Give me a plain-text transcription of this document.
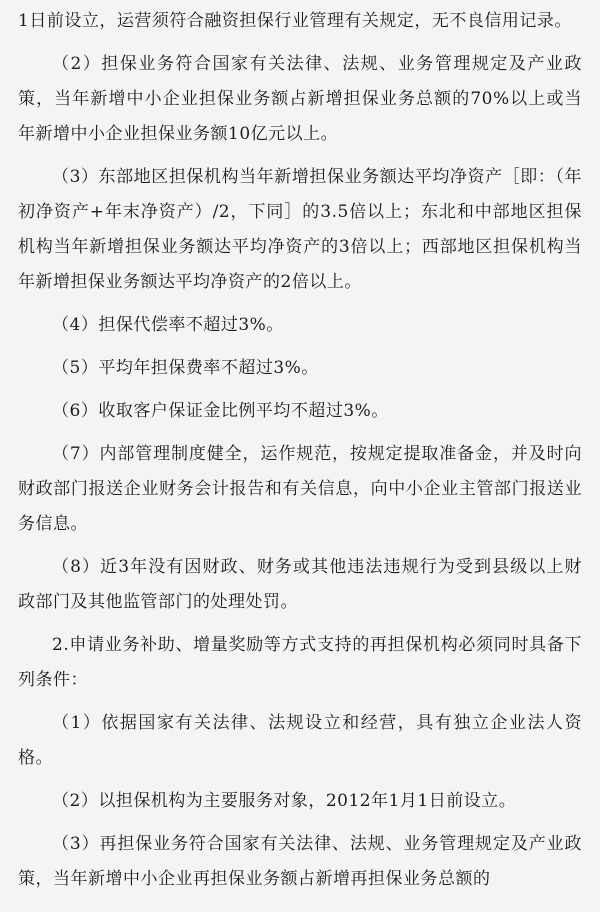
1日前设立，运营须符合融资担保行业管理有关规定，无不良信用记录。

（2）担保业务符合国家有关法律、法规、业务管理规定及产业政策，当年新增中小企业担保业务额占新增担保业务总额的70%以上或当年新增中小企业担保业务额10亿元以上。

（3）东部地区担保机构当年新增担保业务额达平均净资产［即：（年初净资产+年末净资产）/2，下同］的3.5倍以上；东北和中部地区担保机构当年新增担保业务额达平均净资产的3倍以上；西部地区担保机构当年新增担保业务额达平均净资产的2倍以上。

（4）担保代偿率不超过3%。

（5）平均年担保费率不超过3%。

（6）收取客户保证金比例平均不超过3%。

（7）内部管理制度健全，运作规范，按规定提取准备金，并及时向财政部门报送企业财务会计报告和有关信息，向中小企业主管部门报送业务信息。

（8）近3年没有因财政、财务或其他违法违规行为受到县级以上财政部门及其他监管部门的处理处罚。

2.申请业务补助、增量奖励等方式支持的再担保机构必须同时具备下列条件：

（1）依据国家有关法律、法规设立和经营，具有独立企业法人资格。

（2）以担保机构为主要服务对象，2012年1月1日前设立。

（3）再担保业务符合国家有关法律、法规、业务管理规定及产业政策，当年新增中小企业再担保业务额占新增再担保业务总额的
